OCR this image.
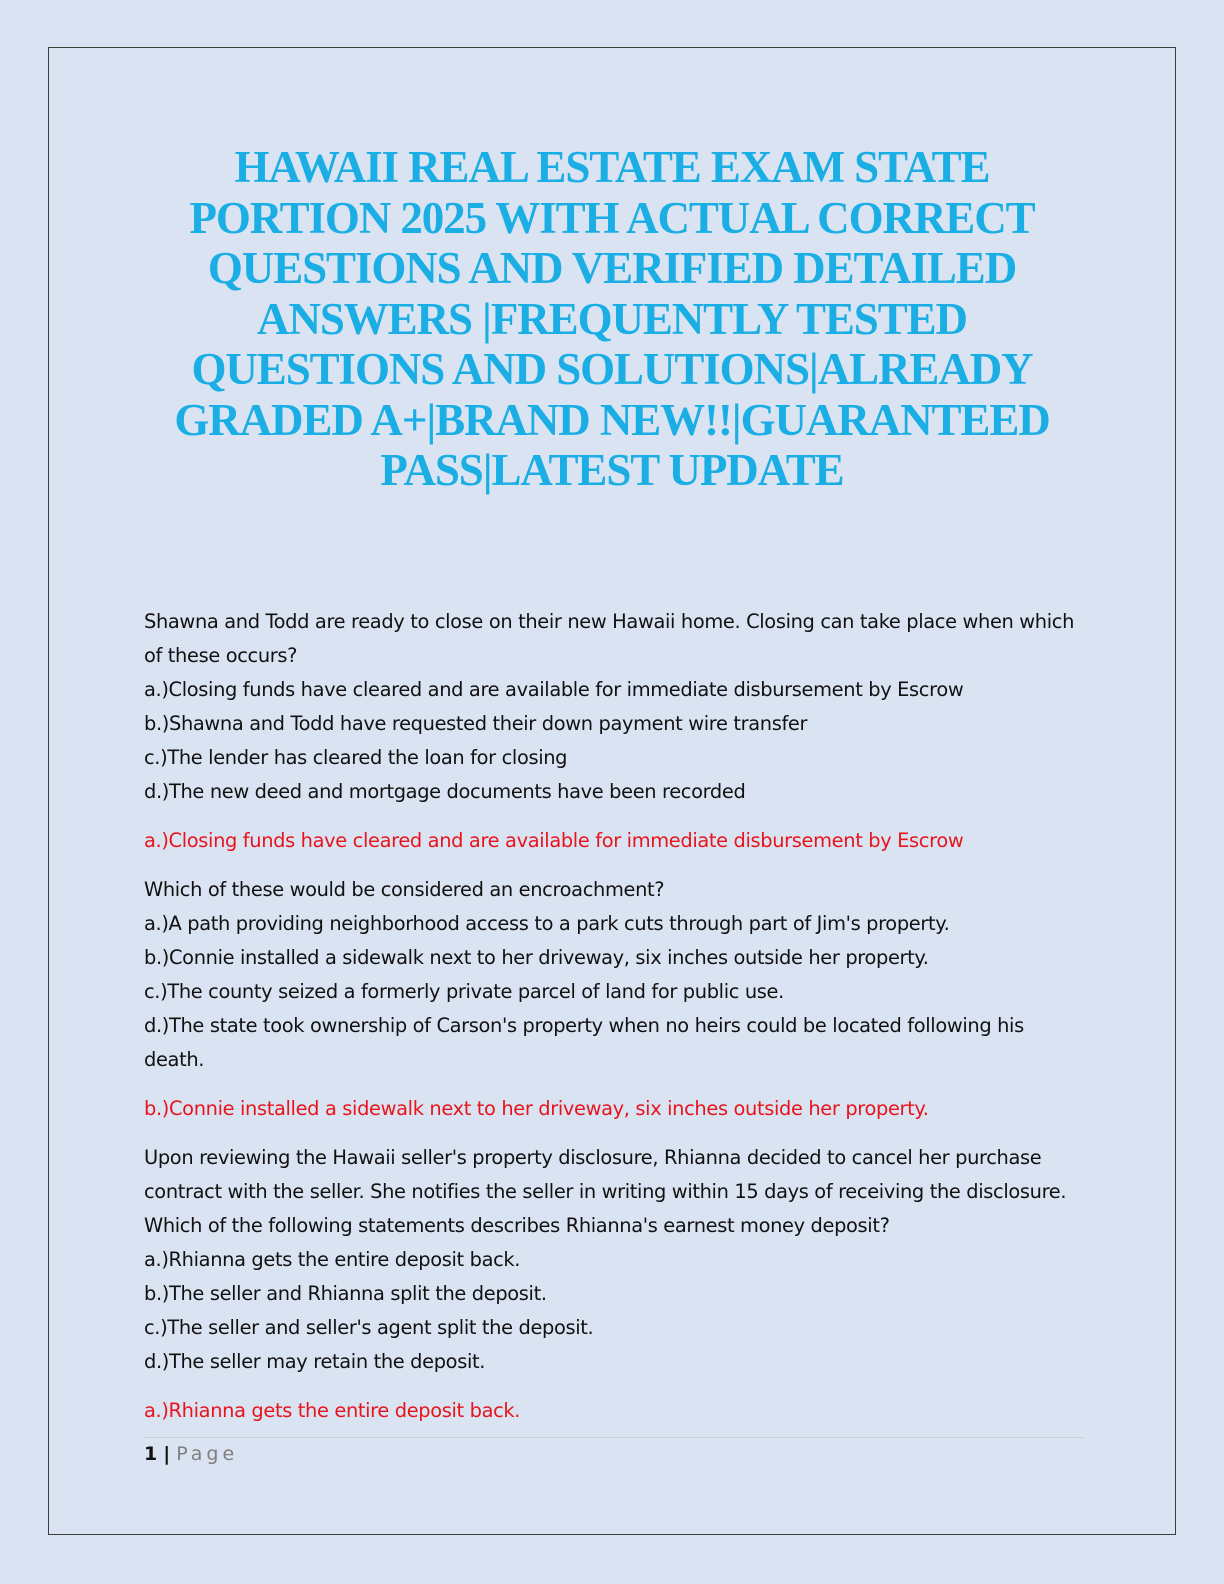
HAWAII REAL ESTATE EXAM STATE PORTION 2025 WITH ACTUAL CORRECT QUESTIONS AND VERIFIED DETAILED ANSWERS |FREQUENTLY TESTED QUESTIONS AND SOLUTIONS|ALREADY GRADED A+|BRAND NEW!!|GUARANTEED PASS|LATEST UPDATE
Shawna and Todd are ready to close on their new Hawaii home. Closing can take place when which of these occurs?
a.)Closing funds have cleared and are available for immediate disbursement by Escrow
b.)Shawna and Todd have requested their down payment wire transfer
c.)The lender has cleared the loan for closing
d.)The new deed and mortgage documents have been recorded
a.)Closing funds have cleared and are available for immediate disbursement by Escrow
Which of these would be considered an encroachment?
a.)A path providing neighborhood access to a park cuts through part of Jim's property.
b.)Connie installed a sidewalk next to her driveway, six inches outside her property.
c.)The county seized a formerly private parcel of land for public use.
d.)The state took ownership of Carson's property when no heirs could be located following his death.
b.)Connie installed a sidewalk next to her driveway, six inches outside her property.
Upon reviewing the Hawaii seller's property disclosure, Rhianna decided to cancel her purchase contract with the seller. She notifies the seller in writing within 15 days of receiving the disclosure. Which of the following statements describes Rhianna's earnest money deposit?
a.)Rhianna gets the entire deposit back.
b.)The seller and Rhianna split the deposit.
c.)The seller and seller's agent split the deposit.
d.)The seller may retain the deposit.
a.)Rhianna gets the entire deposit back.
1 | Page
